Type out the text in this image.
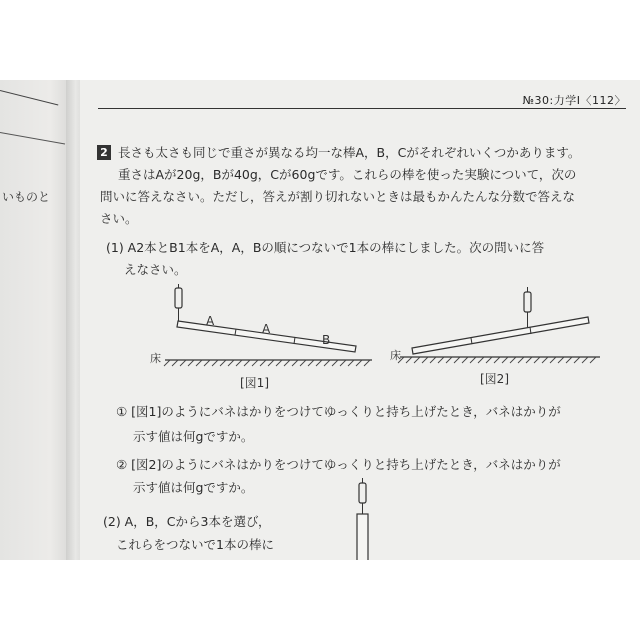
いものと
№30:力学Ⅰ〈112〉
2 長さも太さも同じで重さが異なる均一な棒A，B，Cがそれぞれいくつかあります。
重さはAが20g，Bが40g，Cが60gです。これらの棒を使った実験について，次の
問いに答えなさい。ただし，答えが割り切れないときは最もかんたんな分数で答えな
さい。
(1) A2本とB1本をA，A，Bの順につないで1本の棒にしました。次の問いに答
えなさい。
A
A
B
床	床
[図1]	[図2]
① [図1]のようにバネはかりをつけてゆっくりと持ち上げたとき，バネはかりが
示す値は何gですか。
② [図2]のようにバネはかりをつけてゆっくりと持ち上げたとき，バネはかりが
示す値は何gですか。
(2) A，B，Cから3本を選び，
これらをつないで1本の棒に
